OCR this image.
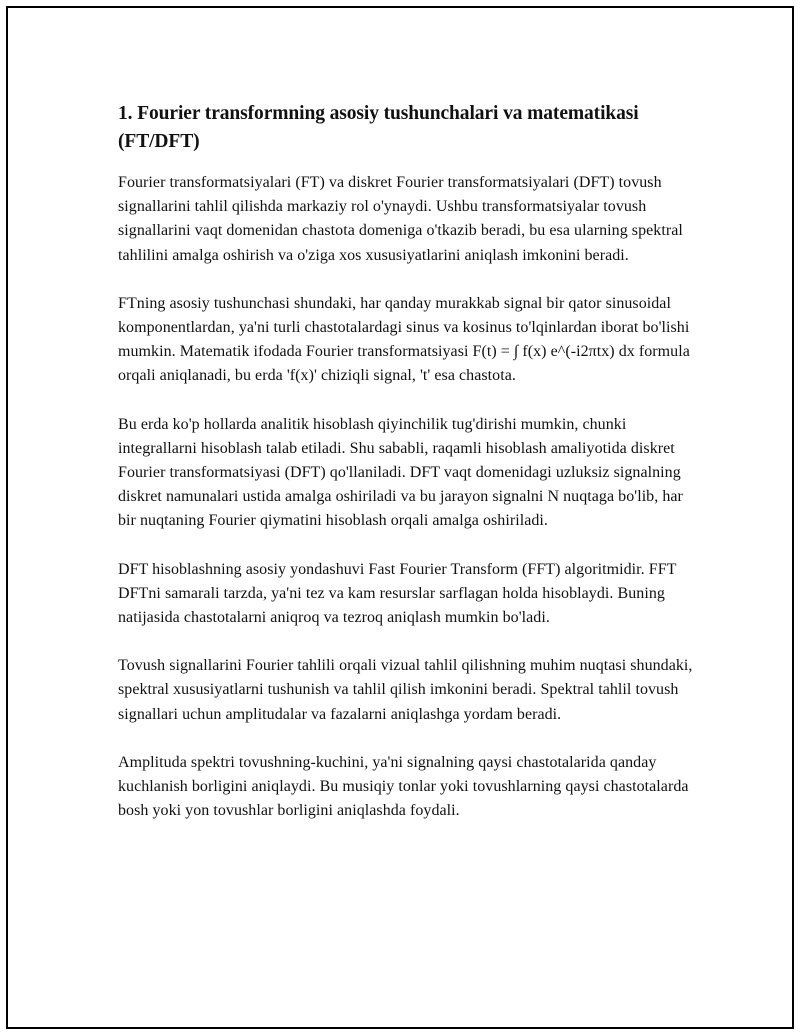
1. Fourier transformning asosiy tushunchalari va matematikasi (FT/DFT)

Fourier transformatsiyalari (FT) va diskret Fourier transformatsiyalari (DFT) tovush signallarini tahlil qilishda markaziy rol o'ynaydi. Ushbu transformatsiyalar tovush signallarini vaqt domenidan chastota domeniga o'tkazib beradi, bu esa ularning spektral tahlilini amalga oshirish va o'ziga xos xususiyatlarini aniqlash imkonini beradi.

FTning asosiy tushunchasi shundaki, har qanday murakkab signal bir qator sinusoidal komponentlardan, ya'ni turli chastotalardagi sinus va kosinus to'lqinlardan iborat bo'lishi mumkin. Matematik ifodada Fourier transformatsiyasi F(t) = ∫ f(x) e^(-i2πtx) dx formula orqali aniqlanadi, bu erda 'f(x)' chiziqli signal, 't' esa chastota.

Bu erda ko'p hollarda analitik hisoblash qiyinchilik tug'dirishi mumkin, chunki integrallarni hisoblash talab etiladi. Shu sababli, raqamli hisoblash amaliyotida diskret Fourier transformatsiyasi (DFT) qo'llaniladi. DFT vaqt domenidagi uzluksiz signalning diskret namunalari ustida amalga oshiriladi va bu jarayon signalni N nuqtaga bo'lib, har bir nuqtaning Fourier qiymatini hisoblash orqali amalga oshiriladi.

DFT hisoblashning asosiy yondashuvi Fast Fourier Transform (FFT) algoritmidir. FFT DFTni samarali tarzda, ya'ni tez va kam resurslar sarflagan holda hisoblaydi. Buning natijasida chastotalarni aniqroq va tezroq aniqlash mumkin bo'ladi.

Tovush signallarini Fourier tahlili orqali vizual tahlil qilishning muhim nuqtasi shundaki, spektral xususiyatlarni tushunish va tahlil qilish imkonini beradi. Spektral tahlil tovush signallari uchun amplitudalar va fazalarni aniqlashga yordam beradi.

Amplituda spektri tovushning-kuchini, ya'ni signalning qaysi chastotalarida qanday kuchlanish borligini aniqlaydi. Bu musiqiy tonlar yoki tovushlarning qaysi chastotalarda bosh yoki yon tovushlar borligini aniqlashda foydali.
